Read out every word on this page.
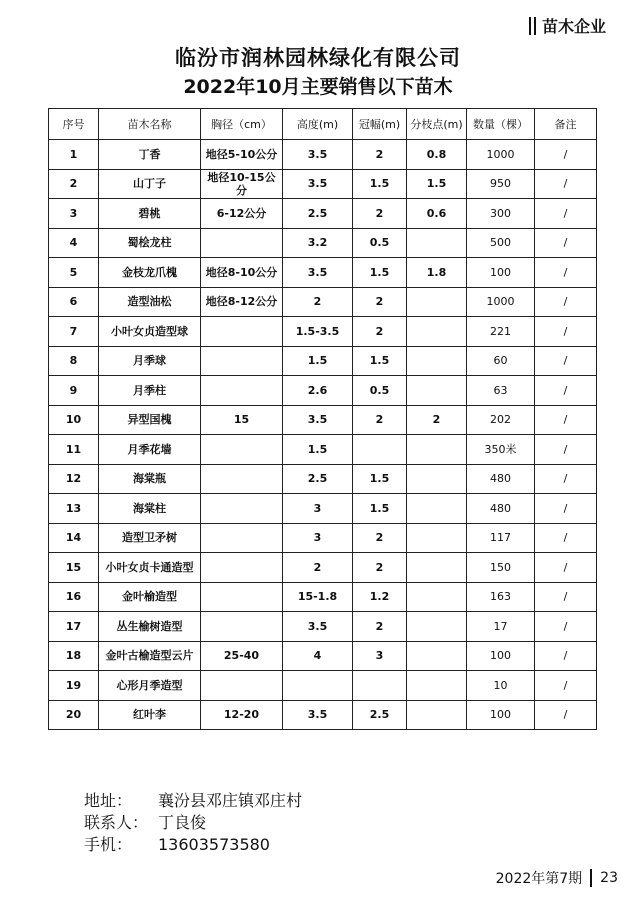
苗木企业
临汾市润林园林绿化有限公司
2022年10月主要销售以下苗木
序号	苗木名称	胸径（cm）	高度(m)	冠幅(m)	分枝点(m)	数量（棵）	备注
1	丁香	地径5-10公分	3.5	2	0.8	1000	/
2	山丁子	地径10-15公分	3.5	1.5	1.5	950	/
3	碧桃	6-12公分	2.5	2	0.6	300	/
4	蜀桧龙柱		3.2	0.5		500	/
5	金枝龙爪槐	地径8-10公分	3.5	1.5	1.8	100	/
6	造型油松	地径8-12公分	2	2		1000	/
7	小叶女贞造型球		1.5-3.5	2		221	/
8	月季球		1.5	1.5		60	/
9	月季柱		2.6	0.5		63	/
10	异型国槐	15	3.5	2	2	202	/
11	月季花墙		1.5			350米	/
12	海棠瓶		2.5	1.5		480	/
13	海棠柱		3	1.5		480	/
14	造型卫矛树		3	2		117	/
15	小叶女贞卡通造型		2	2		150	/
16	金叶榆造型		15-1.8	1.2		163	/
17	丛生榆树造型		3.5	2		17	/
18	金叶古榆造型云片	25-40	4	3		100	/
19	心形月季造型					10	/
20	红叶李	12-20	3.5	2.5		100	/
地址：	襄汾县邓庄镇邓庄村
联系人： 丁良俊
手机：	13603573580
2022年第7期 23
